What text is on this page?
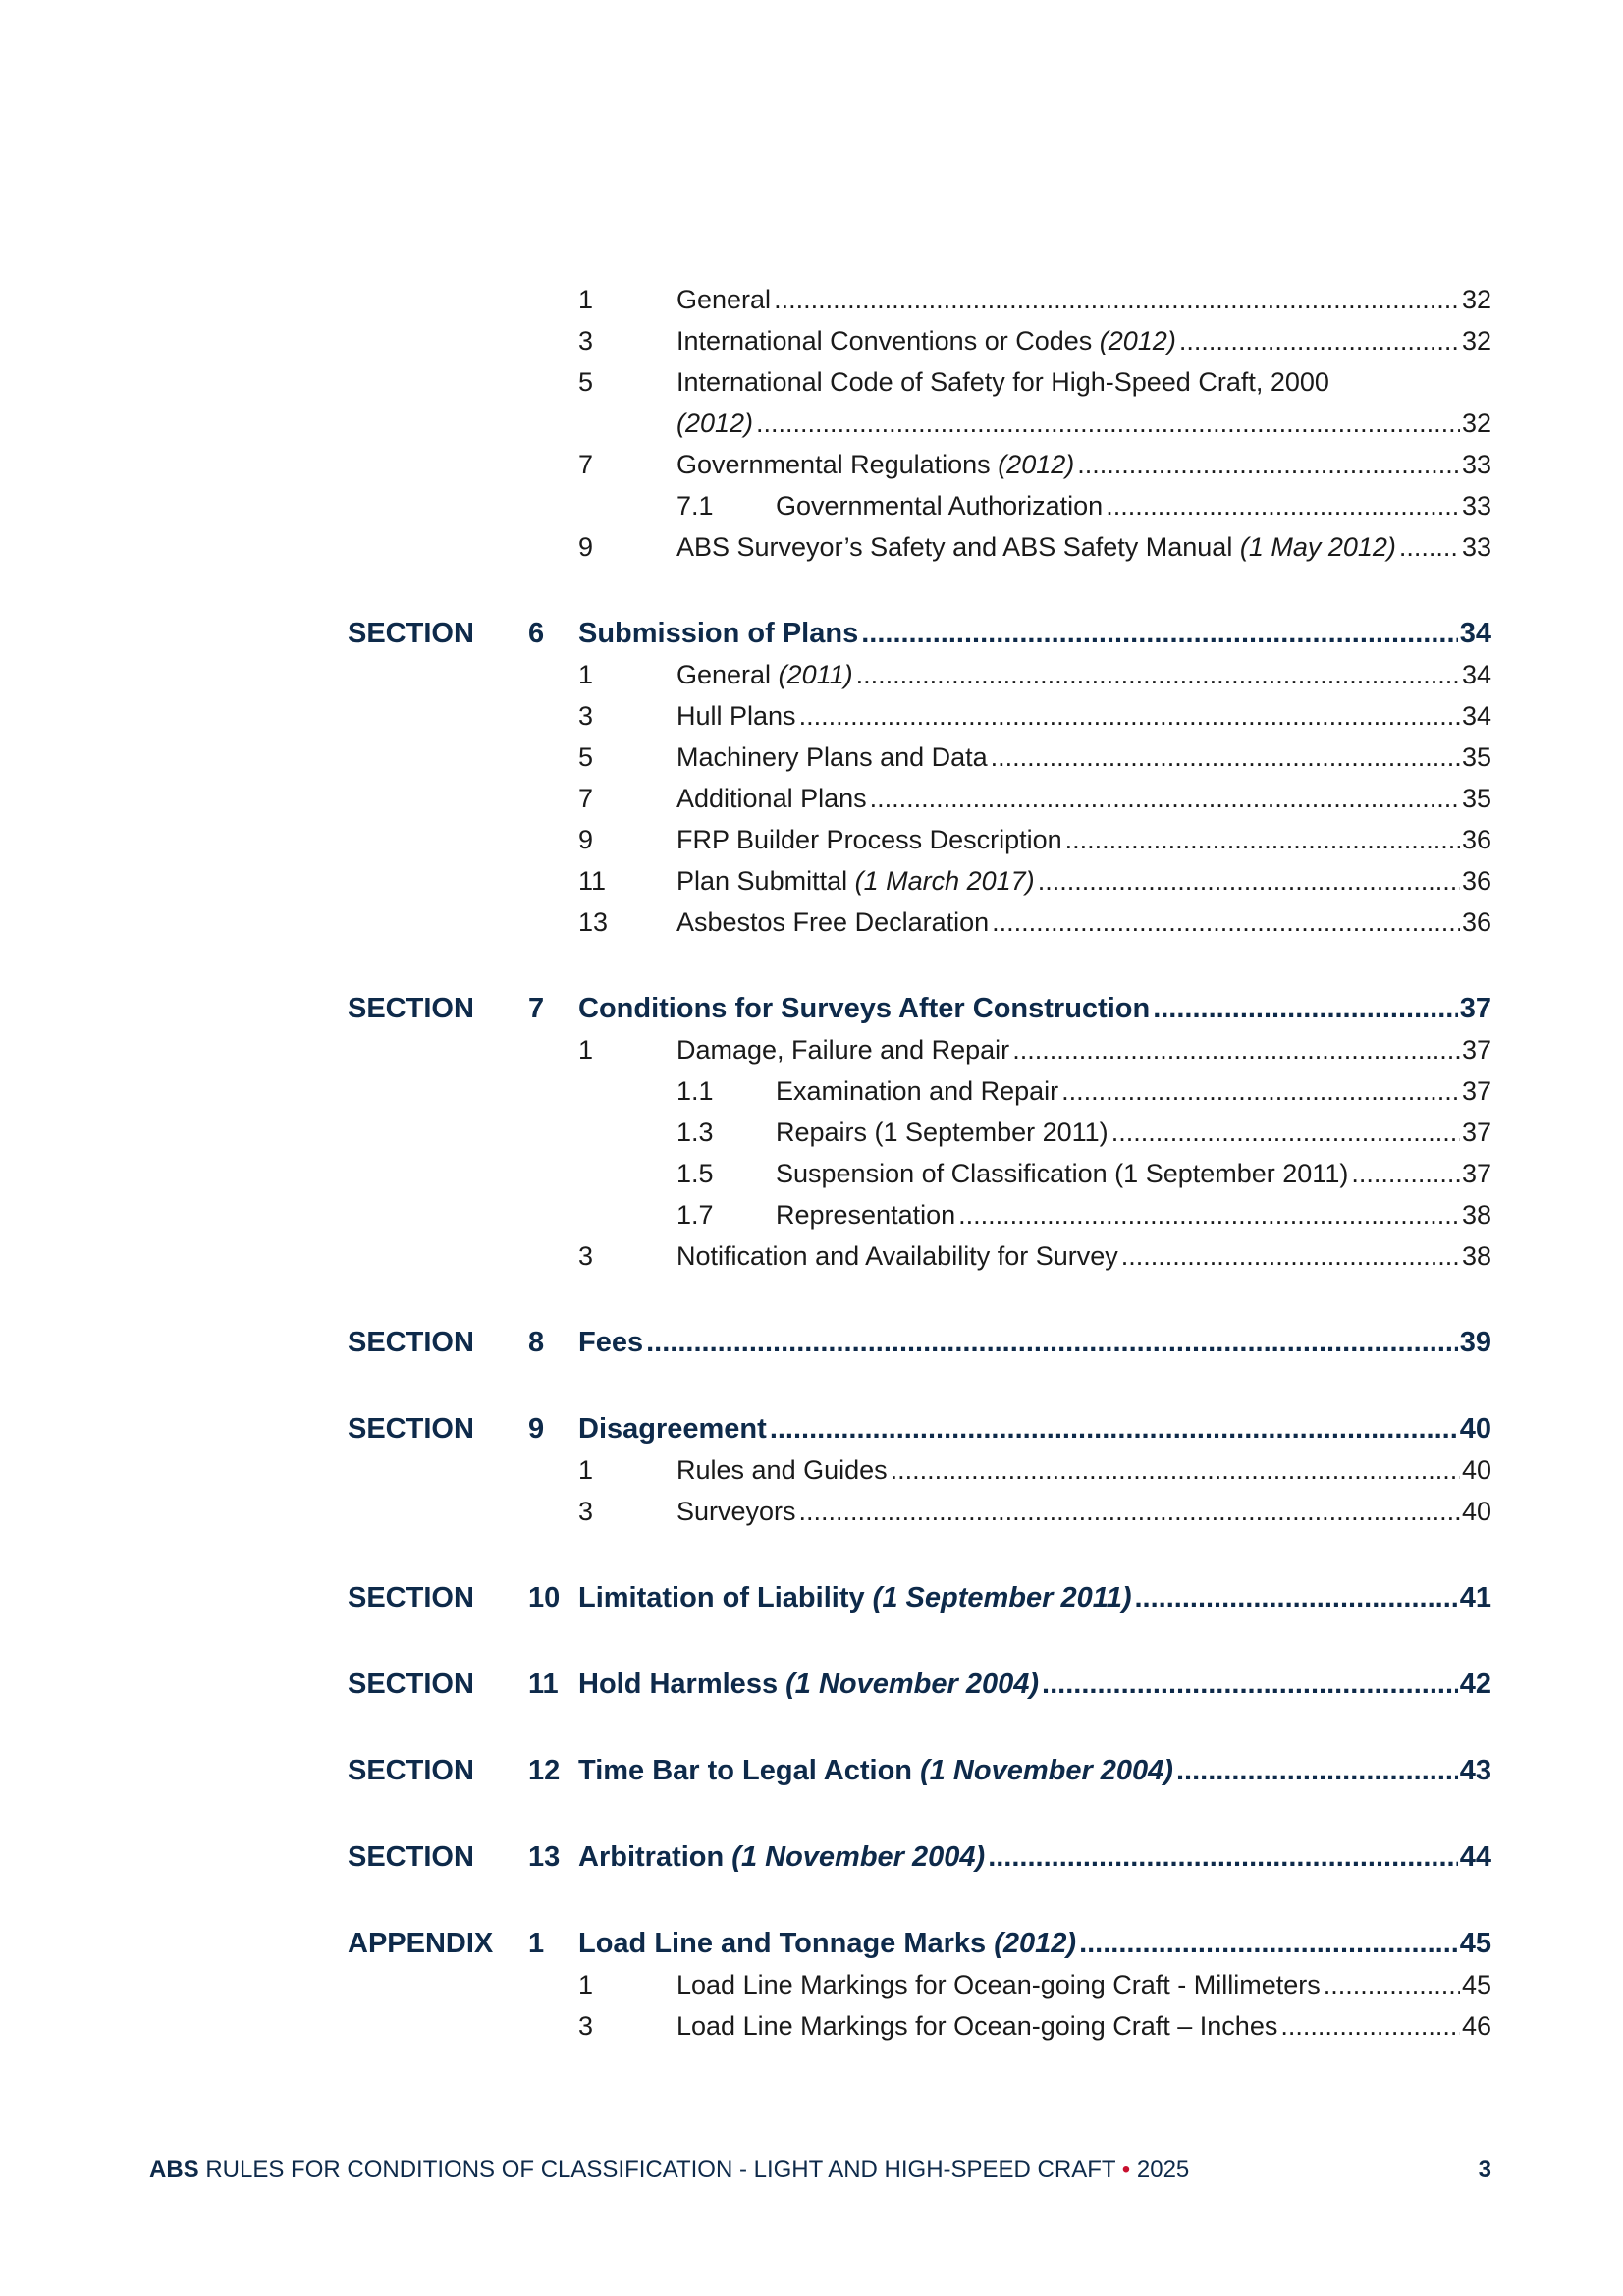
1	General .....	32
3	International Conventions or Codes (2012) .....	32
5	International Code of Safety for High-Speed Craft, 2000
(2012) .....	32
7	Governmental Regulations (2012) .....	33
7.1 Governmental Authorization .....	33
9	ABS Surveyor’s Safety and ABS Safety Manual (1 May 2012) ..... 33
SECTION 6 Submission of Plans .....	34
1	General (2011) .....	34
3	Hull Plans .....	34
5	Machinery Plans and Data .....	35
7	Additional Plans .....	35
9	FRP Builder Process Description .....	36
11	Plan Submittal (1 March 2017) .....	36
13	Asbestos Free Declaration .....	36
SECTION 7 Conditions for Surveys After Construction .....	37
1	Damage, Failure and Repair .....	37
1.1 Examination and Repair .....	37
1.3 Repairs (1 September 2011) .....	37
1.5 Suspension of Classification (1 September 2011) .....	37
1.7 Representation .....	38
3	Notification and Availability for Survey .....	38
SECTION 8 Fees .....	39
SECTION 9 Disagreement .....	40
1	Rules and Guides .....	40
3	Surveyors .....	40
SECTION 10 Limitation of Liability (1 September 2011) .....	41
SECTION 11 Hold Harmless (1 November 2004) .....	42
SECTION 12 Time Bar to Legal Action (1 November 2004) .....	43
SECTION 13 Arbitration (1 November 2004) .....	44
APPENDIX 1 Load Line and Tonnage Marks (2012) .....	45
1	Load Line Markings for Ocean-going Craft - Millimeters .....	45
3	Load Line Markings for Ocean-going Craft – Inches .....	46
ABS RULES FOR CONDITIONS OF CLASSIFICATION - LIGHT AND HIGH-SPEED CRAFT • 2025	3
